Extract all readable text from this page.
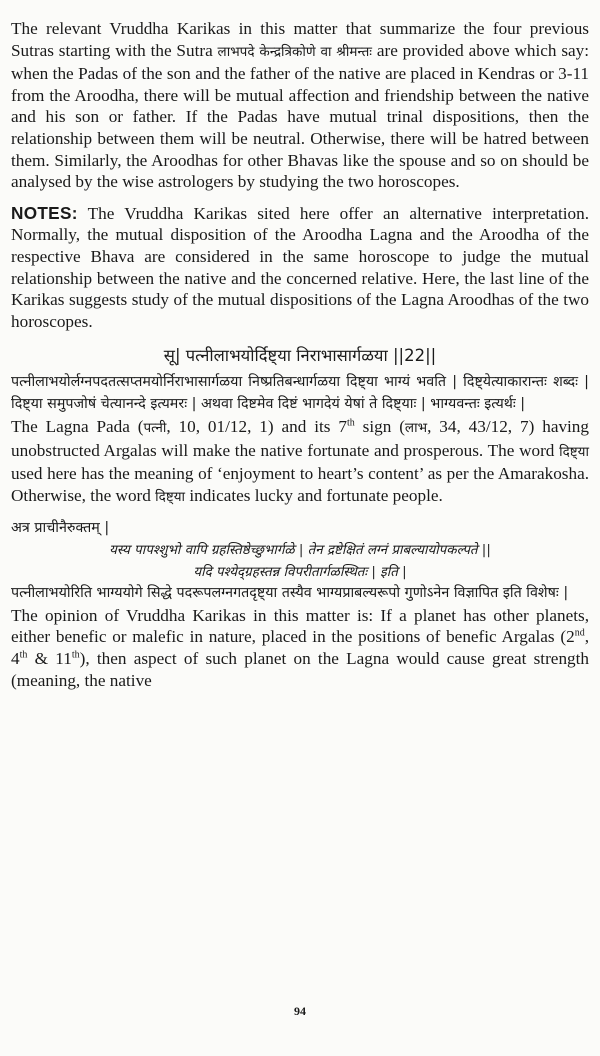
The relevant Vruddha Karikas in this matter that summarize the four previous Sutras starting with the Sutra लाभपदे केन्द्रत्रिकोणे वा श्रीमन्तः are provided above which say: when the Padas of the son and the father of the native are placed in Kendras or 3-11 from the Aroodha, there will be mutual affection and friendship between the native and his son or father. If the Padas have mutual trinal dispositions, then the relationship between them will be neutral. Otherwise, there will be hatred between them. Similarly, the Aroodhas for other Bhavas like the spouse and so on should be analysed by the wise astrologers by studying the two horoscopes.

NOTES: The Vruddha Karikas sited here offer an alternative interpretation. Normally, the mutual disposition of the Aroodha Lagna and the Aroodha of the respective Bhava are considered in the same horoscope to judge the mutual relationship between the native and the concerned relative. Here, the last line of the Karikas suggests study of the mutual dispositions of the Lagna Aroodhas of the two horoscopes.

सू| पत्नीलाभयोर्दिष्ट्या निराभासार्गळया ||22||

पत्नीलाभयोर्लग्नपदतत्सप्तमयोर्निराभासार्गळया निष्प्रतिबन्धार्गळया दिष्ट्या भाग्यं भवति | दिष्ट्येत्याकारान्तः शब्दः | दिष्ट्या समुपजोषं चेत्यानन्दे इत्यमरः | अथवा दिष्टमेव दिष्टं भागदेयं येषां ते दिष्ट्याः | भाग्यवन्तः इत्यर्थः |

The Lagna Pada (पत्नी, 10, 01/12, 1) and its 7th sign (लाभ, 34, 43/12, 7) having unobstructed Argalas will make the native fortunate and prosperous. The word दिष्ट्या used here has the meaning of ‘enjoyment to heart’s content’ as per the Amarakosha. Otherwise, the word दिष्ट्या indicates lucky and fortunate people.

अत्र प्राचीनैरुक्तम् |

यस्य पापश्शुभो वापि ग्रहस्तिष्ठेच्छुभार्गळे | तेन द्रष्टेक्षितं लग्नं प्राबल्यायोपकल्पते ||

यदि पश्येद्ग्रहस्तन्न विपरीतार्गळस्थितः | इति |

पत्नीलाभयोरिति भाग्ययोगे सिद्धे पदरूपलग्नगतदृष्ट्या तस्यैव भाग्यप्राबल्यरूपो गुणोऽनेन विज्ञापित इति विशेषः |

The opinion of Vruddha Karikas in this matter is: If a planet has other planets, either benefic or malefic in nature, placed in the positions of benefic Argalas (2nd, 4th & 11th), then aspect of such planet on the Lagna would cause great strength (meaning, the native

94
